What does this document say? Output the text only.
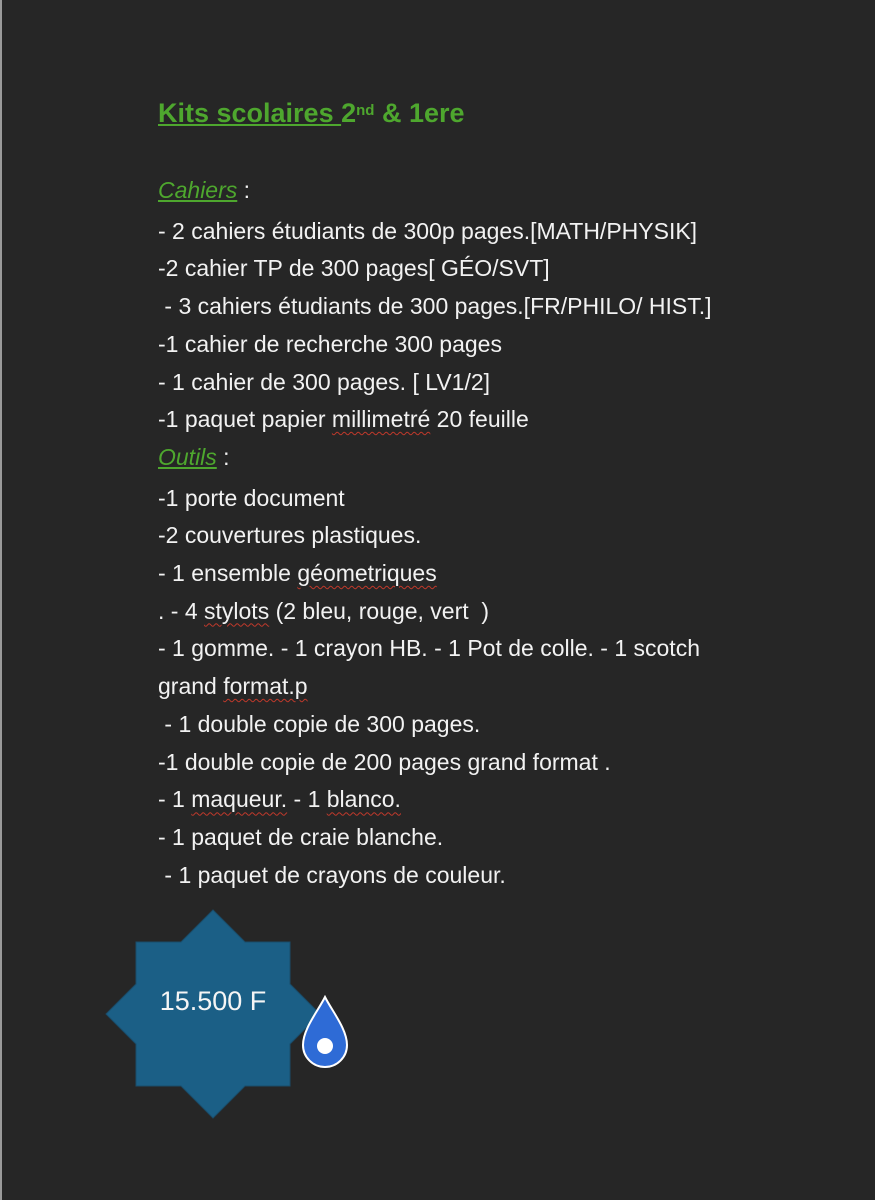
Kits scolaires 2nd & 1ere
Cahiers :
- 2 cahiers étudiants de 300p pages.[MATH/PHYSIK]
-2 cahier TP de 300 pages[ GÉO/SVT]
- 3 cahiers étudiants de 300 pages.[FR/PHILO/ HIST.]
-1 cahier de recherche 300 pages
- 1 cahier de 300 pages. [ LV1/2]
-1 paquet papier millimetré 20 feuille
Outils :
-1 porte document
-2 couvertures plastiques.
- 1 ensemble géometriques
. - 4 stylots (2 bleu, rouge, vert  )
- 1 gomme. - 1 crayon HB. - 1 Pot de colle. - 1 scotch
grand format.p
- 1 double copie de 300 pages.
-1 double copie de 200 pages grand format .
- 1 maqueur. - 1 blanco.
- 1 paquet de craie blanche.
- 1 paquet de crayons de couleur.
15.500 F
